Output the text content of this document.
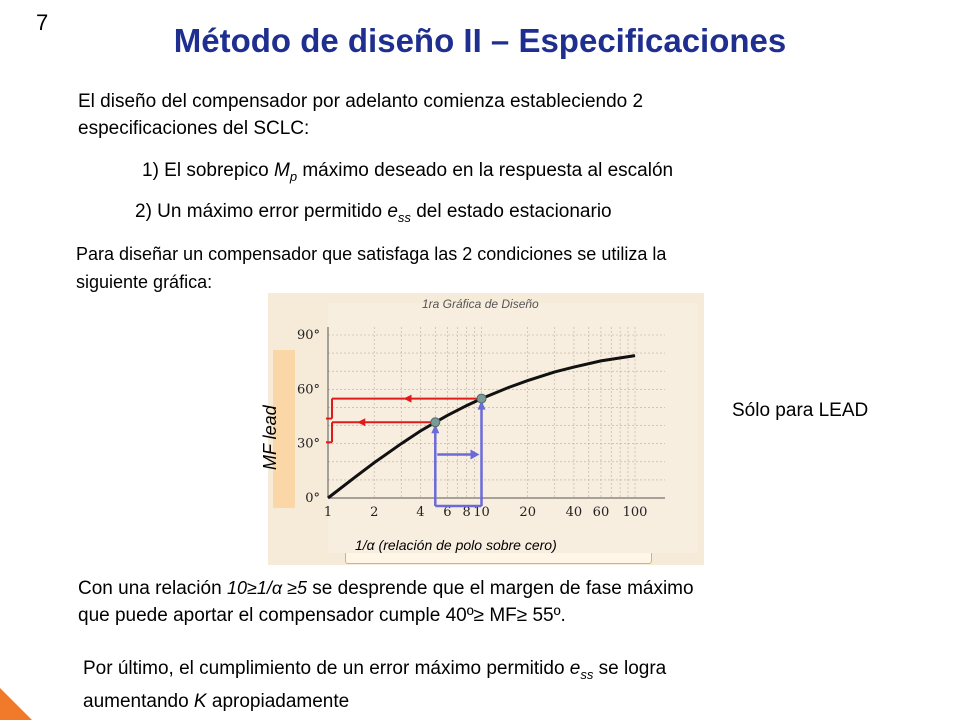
7	Método de diseño II – Especificaciones
El diseño del compensador por adelanto comienza estableciendo 2
especificaciones del SCLC:
1) El sobrepico $M_p$ máximo deseado en la respuesta al escalón
2) Un máximo error permitido $e_{ss}$ del estado estacionario
Para diseñar un compensador que satisfaga las 2 condiciones se utiliza la
siguiente gráfica:
1	2	4 6 8 10 20 40 60 100
0°
30°
60°
90°
1ra Gráfica de Diseño
MF lead
1/α (relación de polo sobre cero)
Sólo para LEAD
Con una relación 10≥1/α ≥5 se desprende que el margen de fase máximo
que puede aportar el compensador cumple 40º≥ MF≥ 55º.
Por último, el cumplimiento de un error máximo permitido $e_{ss}$ se logra
aumentando K apropiadamente
